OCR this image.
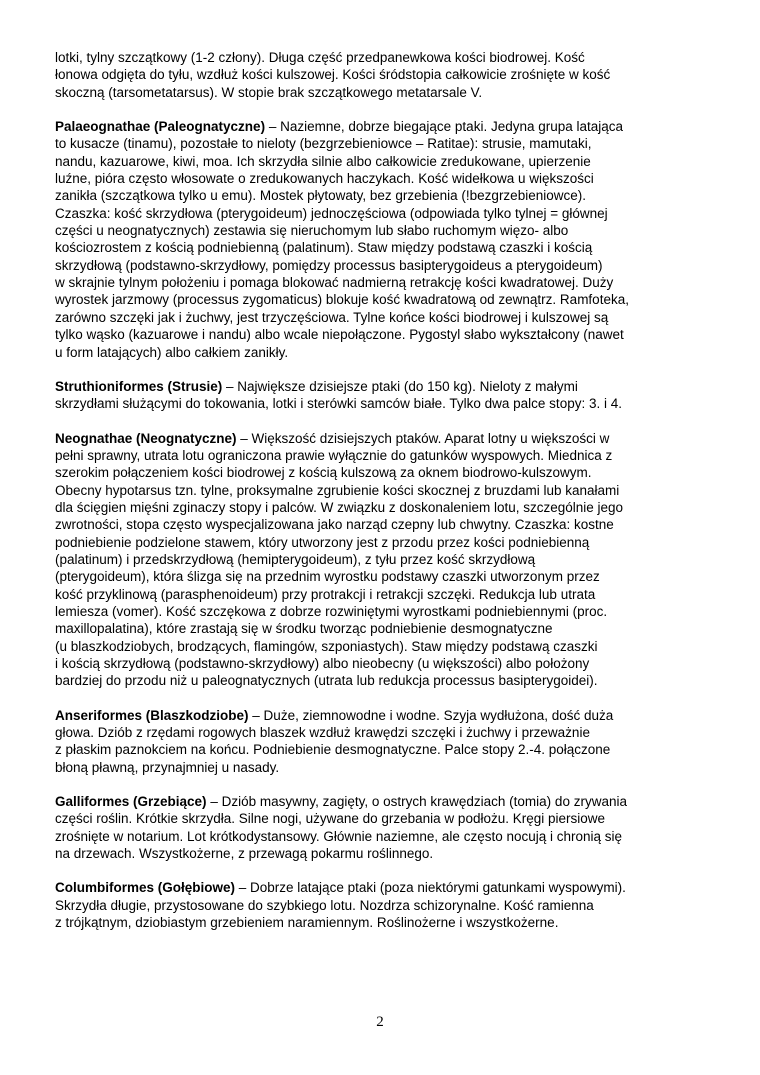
lotki, tylny szczątkowy (1-2 człony). Długa część przedpanewkowa kości biodrowej. Kość
łonowa odgięta do tyłu, wzdłuż kości kulszowej. Kości śródstopia całkowicie zrośnięte w kość
skoczną (tarsometatarsus). W stopie brak szczątkowego metatarsale V.
Palaeognathae (Paleognatyczne) – Naziemne, dobrze biegające ptaki. Jedyna grupa latająca
to kusacze (tinamu), pozostałe to nieloty (bezgrzebieniowce – Ratitae): strusie, mamutaki,
nandu, kazuarowe, kiwi, moa. Ich skrzydła silnie albo całkowicie zredukowane, upierzenie
luźne, pióra często włosowate o zredukowanych haczykach. Kość widełkowa u większości
zanikła (szczątkowa tylko u emu). Mostek płytowaty, bez grzebienia (!bezgrzebieniowce).
Czaszka: kość skrzydłowa (pterygoideum) jednoczęściowa (odpowiada tylko tylnej = głównej
części u neognatycznych) zestawia się nieruchomym lub słabo ruchomym więzo- albo
kościozrostem z kością podniebienną (palatinum). Staw między podstawą czaszki i kością
skrzydłową (podstawno-skrzydłowy, pomiędzy processus basipterygoideus a pterygoideum)
w skrajnie tylnym położeniu i pomaga blokować nadmierną retrakcję kości kwadratowej. Duży
wyrostek jarzmowy (processus zygomaticus) blokuje kość kwadratową od zewnątrz. Ramfoteka,
zarówno szczęki jak i żuchwy, jest trzyczęściowa. Tylne końce kości biodrowej i kulszowej są
tylko wąsko (kazuarowe i nandu) albo wcale niepołączone. Pygostyl słabo wykształcony (nawet
u form latających) albo całkiem zanikły.
Struthioniformes (Strusie) – Największe dzisiejsze ptaki (do 150 kg). Nieloty z małymi
skrzydłami służącymi do tokowania, lotki i sterówki samców białe. Tylko dwa palce stopy: 3. i 4.
Neognathae (Neognatyczne) – Większość dzisiejszych ptaków. Aparat lotny u większości w
pełni sprawny, utrata lotu ograniczona prawie wyłącznie do gatunków wyspowych. Miednica z
szerokim połączeniem kości biodrowej z kością kulszową za oknem biodrowo-kulszowym.
Obecny hypotarsus tzn. tylne, proksymalne zgrubienie kości skocznej z bruzdami lub kanałami
dla ścięgien mięśni zginaczy stopy i palców. W związku z doskonaleniem lotu, szczególnie jego
zwrotności, stopa często wyspecjalizowana jako narząd czepny lub chwytny. Czaszka: kostne
podniebienie podzielone stawem, który utworzony jest z przodu przez kości podniebienną
(palatinum) i przedskrzydłową (hemipterygoideum), z tyłu przez kość skrzydłową
(pterygoideum), która ślizga się na przednim wyrostku podstawy czaszki utworzonym przez
kość przyklinową (parasphenoideum) przy protrakcji i retrakcji szczęki. Redukcja lub utrata
lemiesza (vomer). Kość szczękowa z dobrze rozwiniętymi wyrostkami podniebiennymi (proc.
maxillopalatina), które zrastają się w środku tworząc podniebienie desmognatyczne
(u blaszkodziobych, brodzących, flamingów, szponiastych). Staw między podstawą czaszki
i kością skrzydłową (podstawno-skrzydłowy) albo nieobecny (u większości) albo położony
bardziej do przodu niż u paleognatycznych (utrata lub redukcja processus basipterygoidei).
Anseriformes (Blaszkodziobe) – Duże, ziemnowodne i wodne. Szyja wydłużona, dość duża
głowa. Dziób z rzędami rogowych blaszek wzdłuż krawędzi szczęki i żuchwy i przeważnie
z płaskim paznokciem na końcu. Podniebienie desmognatyczne. Palce stopy 2.-4. połączone
błoną pławną, przynajmniej u nasady.
Galliformes (Grzebiące) – Dziób masywny, zagięty, o ostrych krawędziach (tomia) do zrywania
części roślin. Krótkie skrzydła. Silne nogi, używane do grzebania w podłożu. Kręgi piersiowe
zrośnięte w notarium. Lot krótkodystansowy. Głównie naziemne, ale często nocują i chronią się
na drzewach. Wszystkożerne, z przewagą pokarmu roślinnego.
Columbiformes (Gołębiowe) – Dobrze latające ptaki (poza niektórymi gatunkami wyspowymi).
Skrzydła długie, przystosowane do szybkiego lotu. Nozdrza schizorynalne. Kość ramienna
z trójkątnym, dziobiastym grzebieniem naramiennym. Roślinożerne i wszystkożerne.
2
